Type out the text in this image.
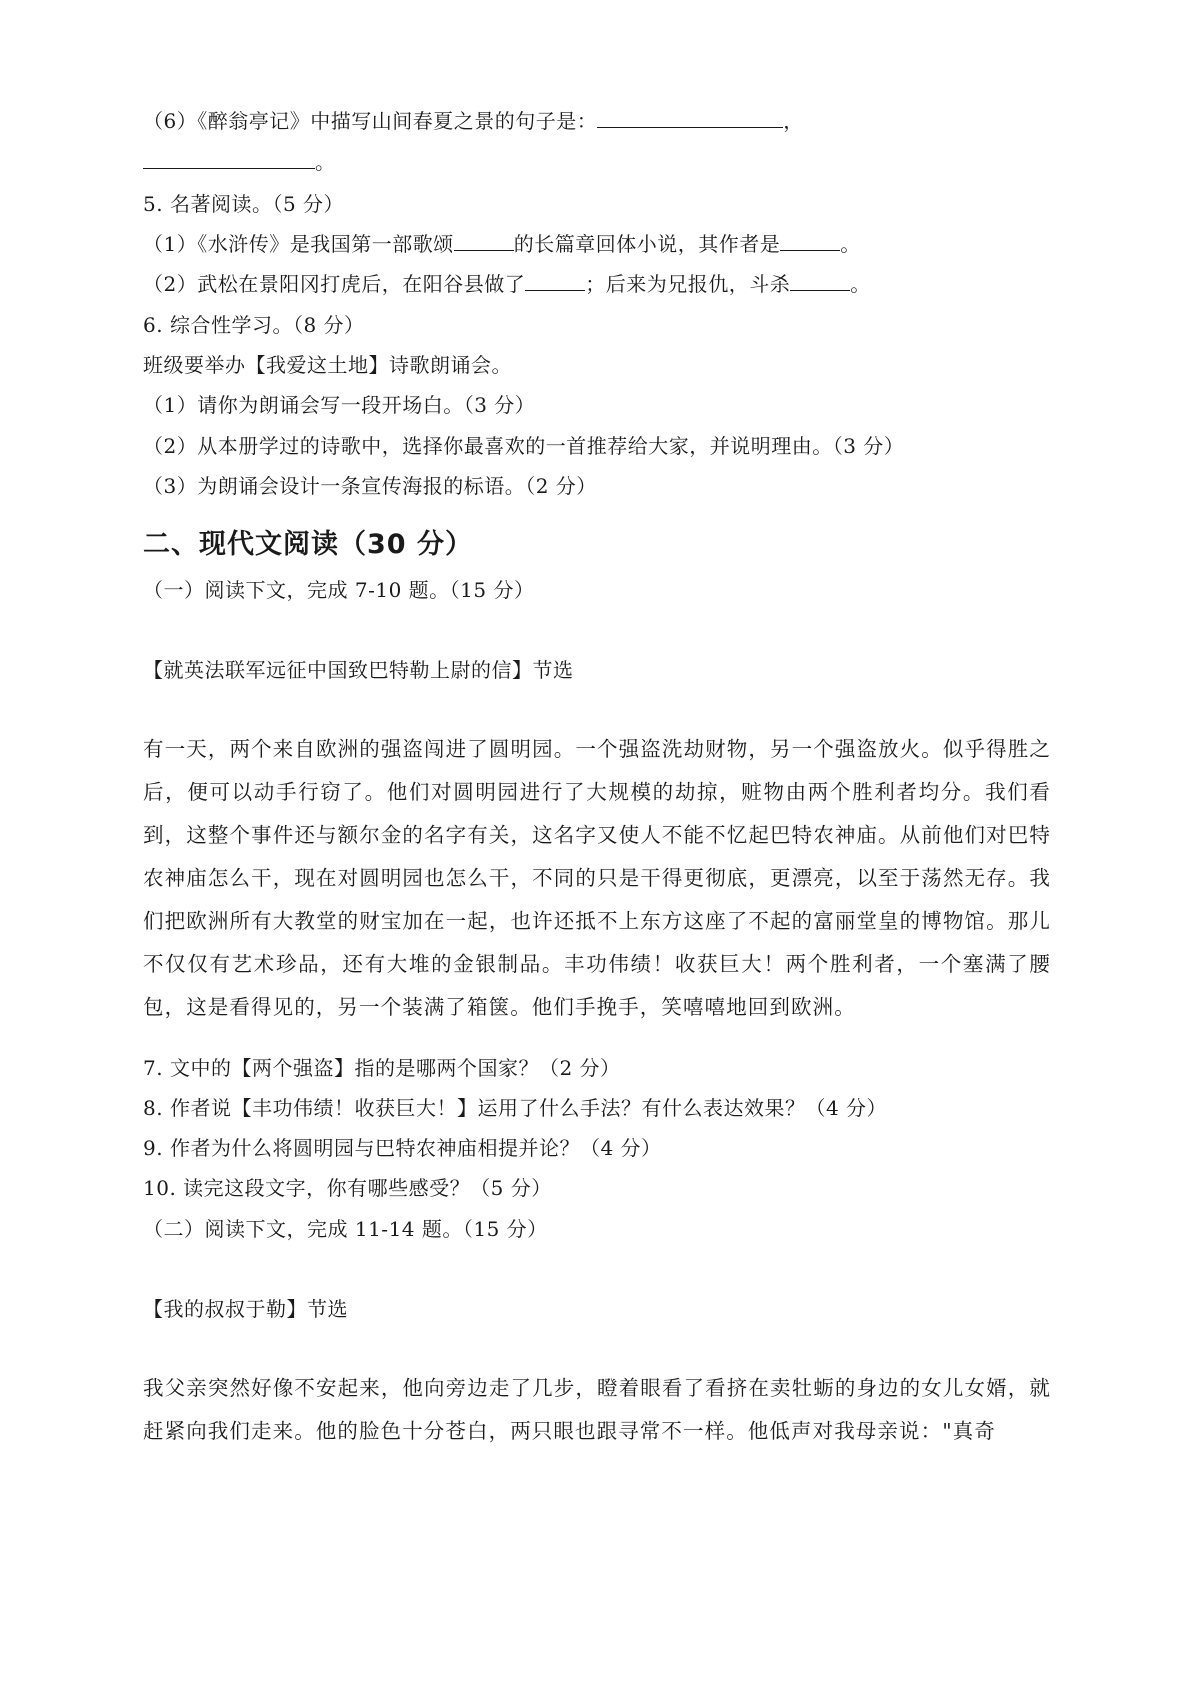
（6）《醉翁亭记》中描写山间春夏之景的句子是：	，
。
5. 名著阅读。（5 分）
（1）《水浒传》是我国第一部歌颂	的长篇章回体小说，其作者是	。
（2）武松在景阳冈打虎后，在阳谷县做了	；后来为兄报仇，斗杀	。
6. 综合性学习。（8 分）
班级要举办【我爱这土地】诗歌朗诵会。
（1）请你为朗诵会写一段开场白。（3 分）
（2）从本册学过的诗歌中，选择你最喜欢的一首推荐给大家，并说明理由。（3 分）
（3）为朗诵会设计一条宣传海报的标语。（2 分）
二、现代文阅读（30 分）
（一）阅读下文，完成 7-10 题。（15 分）
【就英法联军远征中国致巴特勒上尉的信】节选
有一天，两个来自欧洲的强盗闯进了圆明园。一个强盗洗劫财物，另一个强盗放火。似乎得胜之后，便可以动手行窃了。他们对圆明园进行了大规模的劫掠，赃物由两个胜利者均分。我们看到，这整个事件还与额尔金的名字有关，这名字又使人不能不忆起巴特农神庙。从前他们对巴特农神庙怎么干，现在对圆明园也怎么干，不同的只是干得更彻底，更漂亮，以至于荡然无存。我们把欧洲所有大教堂的财宝加在一起，也许还抵不上东方这座了不起的富丽堂皇的博物馆。那儿不仅仅有艺术珍品，还有大堆的金银制品。丰功伟绩！收获巨大！两个胜利者，一个塞满了腰包，这是看得见的，另一个装满了箱箧。他们手挽手，笑嘻嘻地回到欧洲。
7. 文中的【两个强盗】指的是哪两个国家？（2 分）
8. 作者说【丰功伟绩！收获巨大！】运用了什么手法？有什么表达效果？（4 分）
9. 作者为什么将圆明园与巴特农神庙相提并论？（4 分）
10. 读完这段文字，你有哪些感受？（5 分）
（二）阅读下文，完成 11-14 题。（15 分）
【我的叔叔于勒】节选
我父亲突然好像不安起来，他向旁边走了几步，瞪着眼看了看挤在卖牡蛎的身边的女儿女婿，就赶紧向我们走来。他的脸色十分苍白，两只眼也跟寻常不一样。他低声对我母亲说："真奇
